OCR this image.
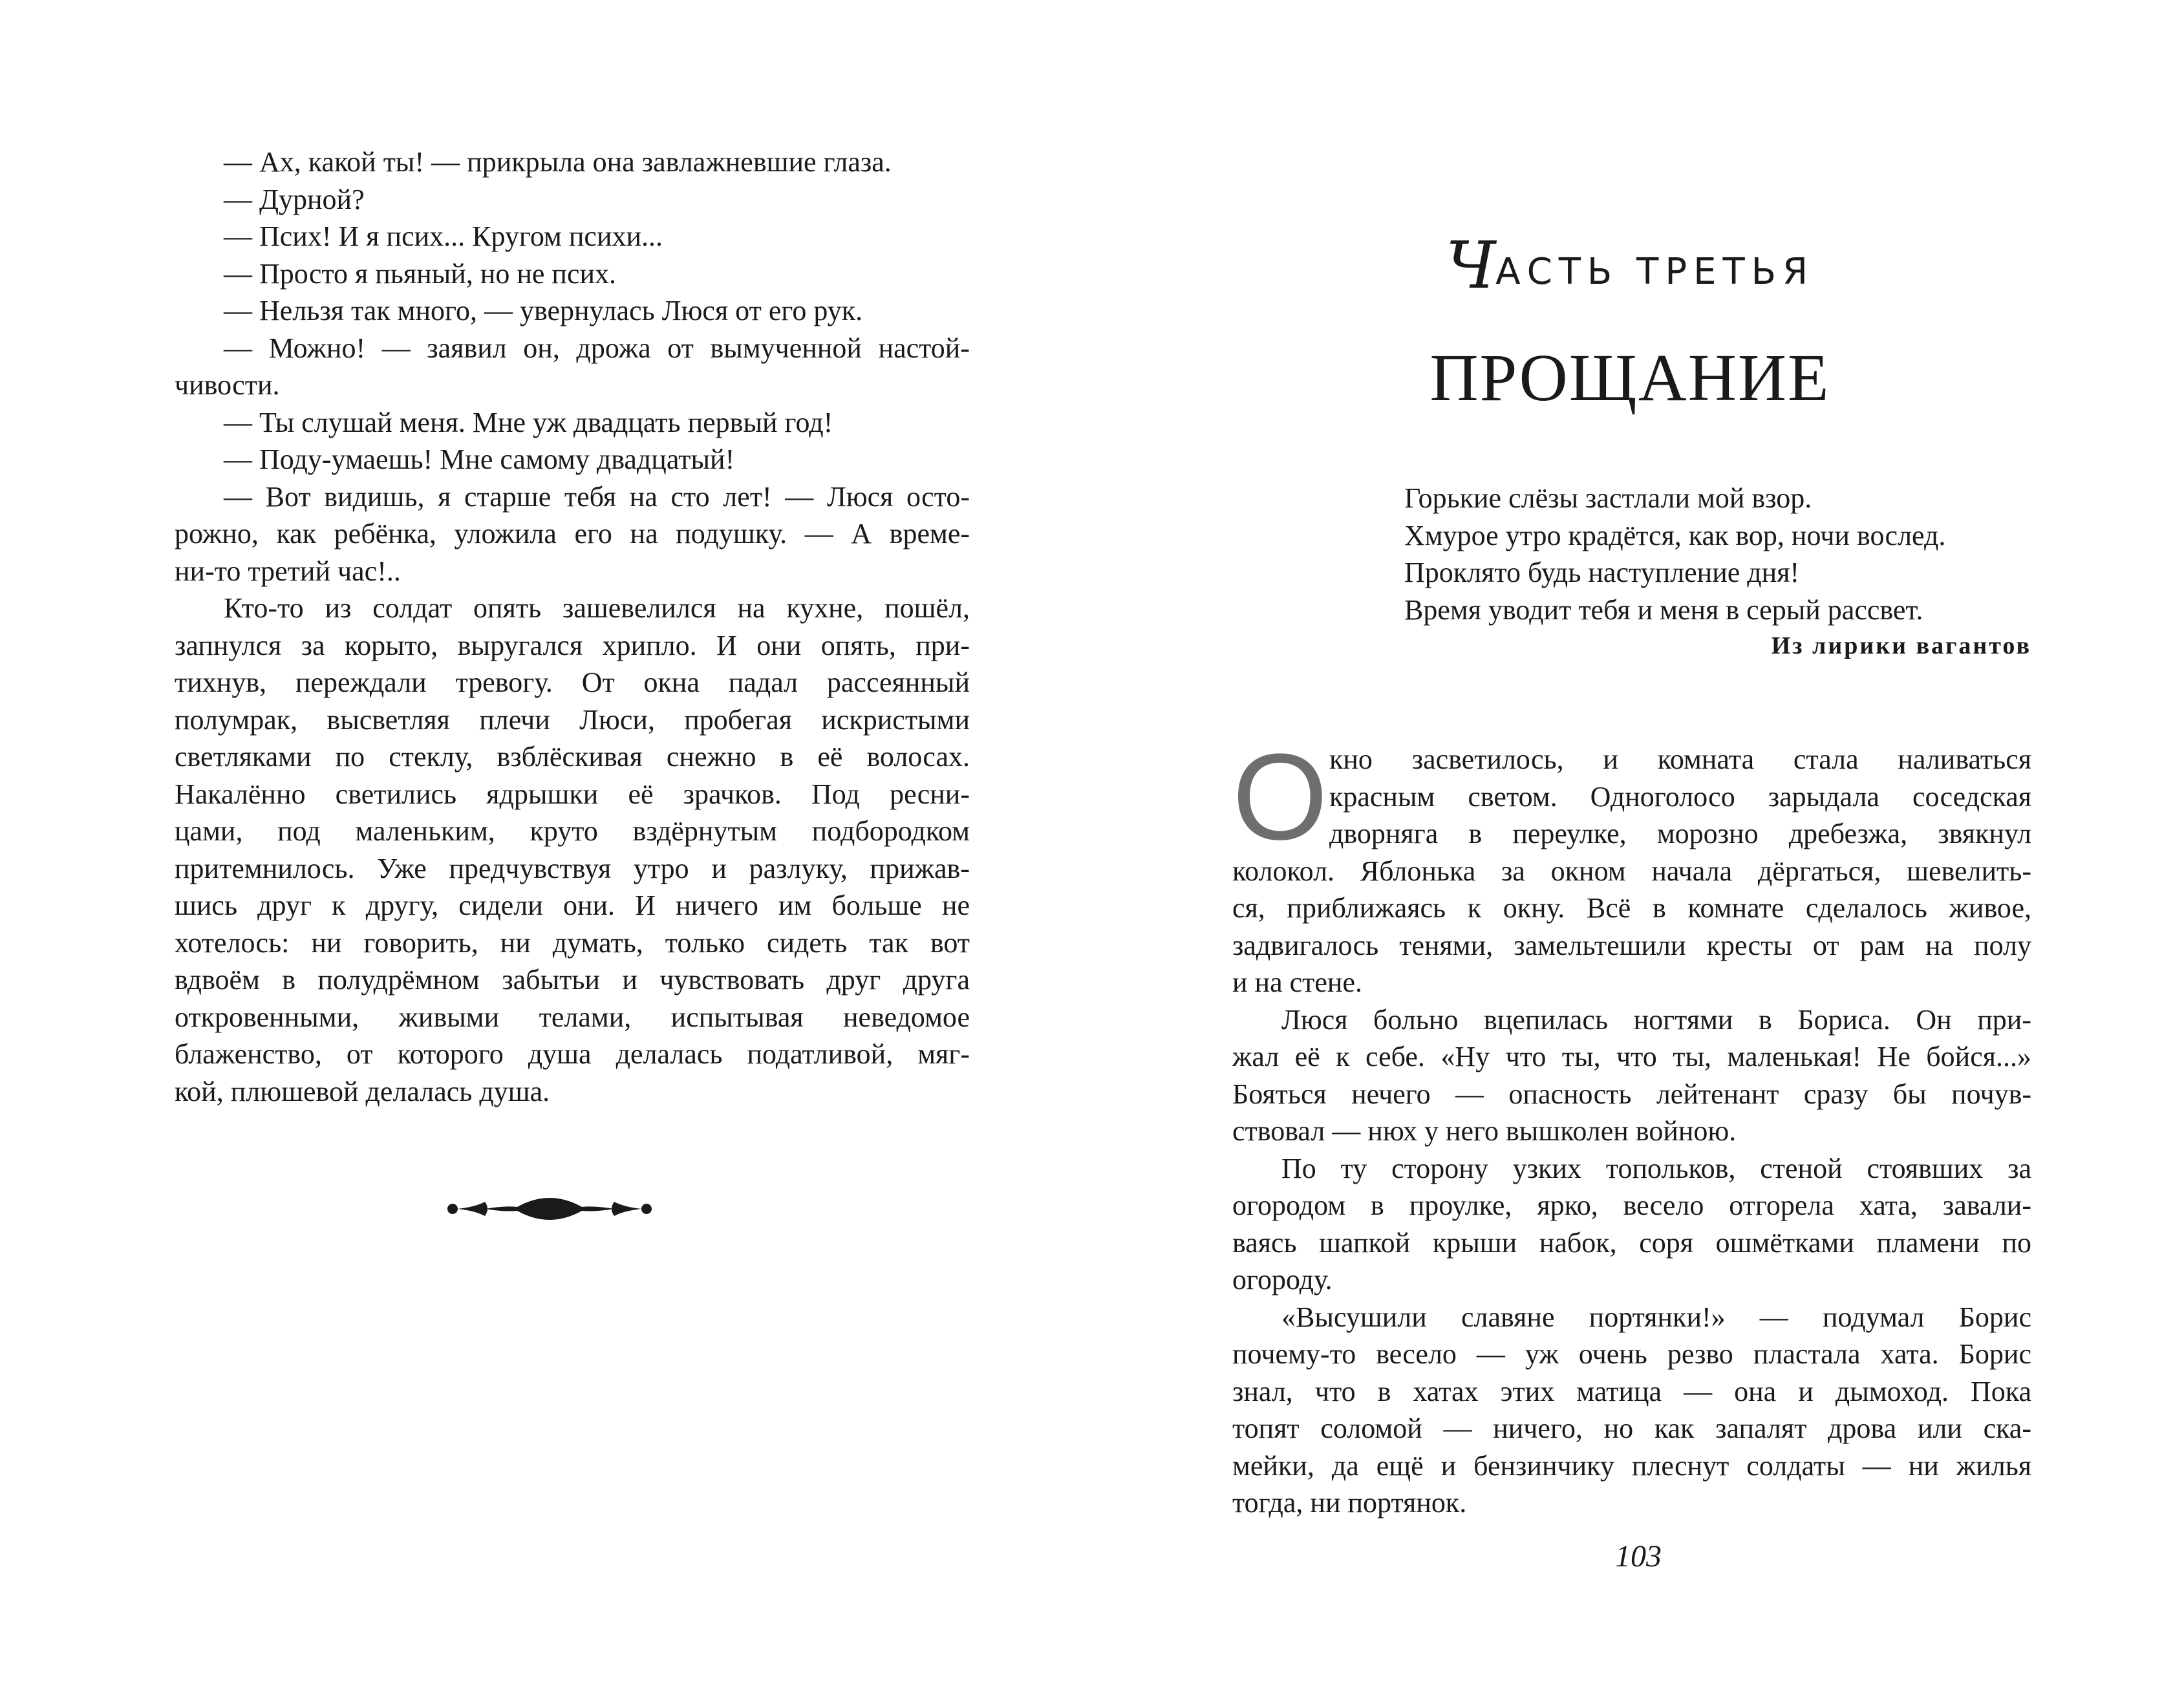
— Ах, какой ты! — прикрыла она завлажневшие глаза.
— Дурной?
— Псих! И я псих... Кругом психи...
— Просто я пьяный, но не псих.
— Нельзя так много, — увернулась Люся от его рук.
— Можно! — заявил он, дрожа от вымученной настой-
чивости.
— Ты слушай меня. Мне уж двадцать первый год!
— Поду-умаешь! Мне самому двадцатый!
— Вот видишь, я старше тебя на сто лет! — Люся осто-
рожно, как ребёнка, уложила его на подушку. — А време-
ни-то третий час!..
Кто-то из солдат опять зашевелился на кухне, пошёл,
запнулся за корыто, выругался хрипло. И они опять, при-
тихнув, переждали тревогу. От окна падал рассеянный
полумрак, высветляя плечи Люси, пробегая искристыми
светляками по стеклу, взблёскивая снежно в её волосах.
Накалённо светились ядрышки её зрачков. Под ресни-
цами, под маленьким, круто вздёрнутым подбородком
притемнилось. Уже предчувствуя утро и разлуку, прижав-
шись друг к другу, сидели они. И ничего им больше не
хотелось: ни говорить, ни думать, только сидеть так вот
вдвоём в полудрёмном забытьи и чувствовать друг друга
откровенными, живыми телами, испытывая неведомое
блаженство, от которого душа делалась податливой, мяг-
кой, плюшевой делалась душа.
ЧАСТЬ ТРЕТЬЯ
ПРОЩАНИЕ
Горькие слёзы застлали мой взор.
Хмурое утро крадётся, как вор, ночи вослед.
Проклято будь наступление дня!
Время уводит тебя и меня в серый рассвет.
Из лирики вагантов
О кно засветилось, и комната стала наливаться
красным светом. Одноголосо зарыдала соседская
дворняга в переулке, морозно дребезжа, звякнул
колокол. Яблонька за окном начала дёргаться, шевелить-
ся, приближаясь к окну. Всё в комнате сделалось живое,
задвигалось тенями, замельтешили кресты от рам на полу
и на стене.
Люся больно вцепилась ногтями в Бориса. Он при-
жал её к себе. «Ну что ты, что ты, маленькая! Не бойся...»
Бояться нечего — опасность лейтенант сразу бы почув-
ствовал — нюх у него вышколен войною.
По ту сторону узких топольков, стеной стоявших за
огородом в проулке, ярко, весело отгорела хата, завали-
ваясь шапкой крыши набок, соря ошмётками пламени по
огороду.
«Высушили славяне портянки!» — подумал Борис
почему-то весело — уж очень резво пластала хата. Борис
знал, что в хатах этих матица — она и дымоход. Пока
топят соломой — ничего, но как запалят дрова или ска-
мейки, да ещё и бензинчику плеснут солдаты — ни жилья
тогда, ни портянок.
103
